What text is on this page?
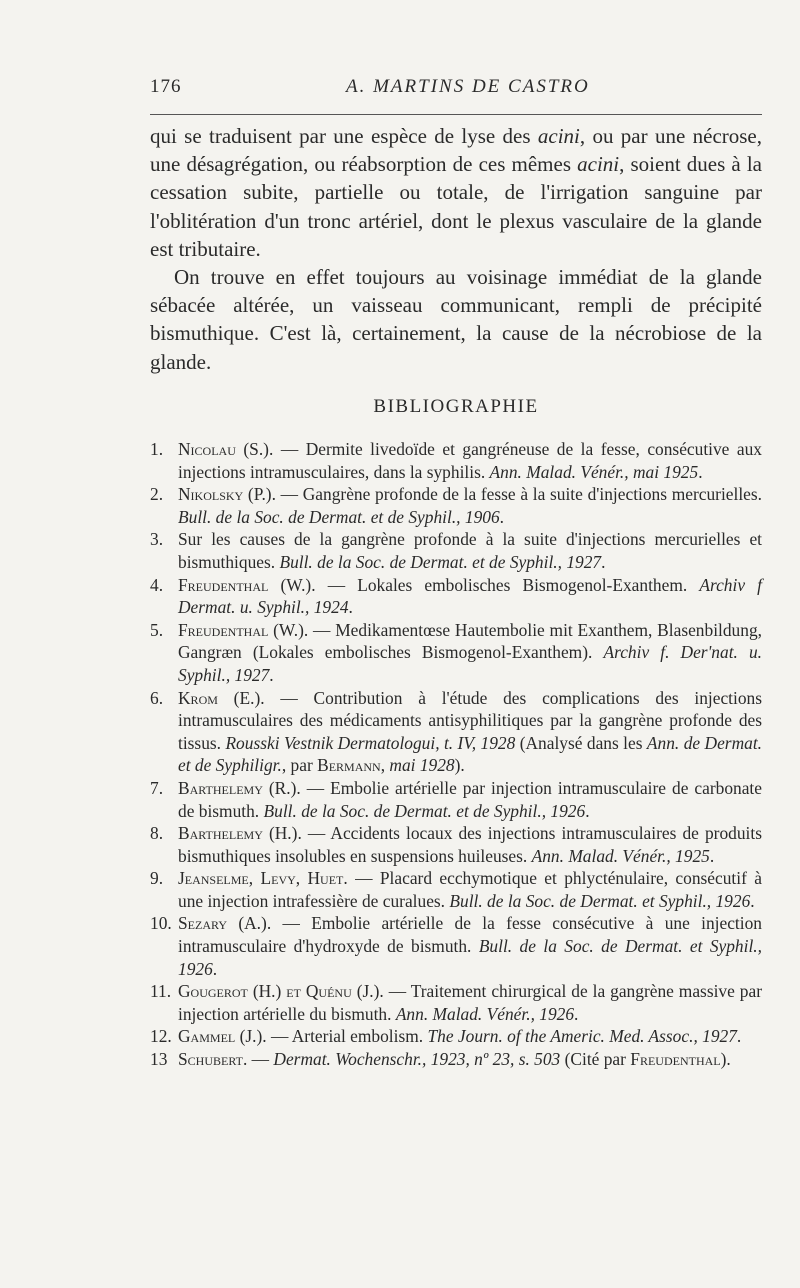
176	A. MARTINS DE CASTRO

qui se traduisent par une espèce de lyse des acini, ou par une nécrose, une désagrégation, ou réabsorption de ces mêmes acini, soient dues à la cessation subite, partielle ou totale, de l'irrigation sanguine par l'oblitération d'un tronc artériel, dont le plexus vasculaire de la glande est tributaire.

On trouve en effet toujours au voisinage immédiat de la glande sébacée altérée, un vaisseau communicant, rempli de précipité bismuthique. C'est là, certainement, la cause de la nécrobiose de la glande.

BIBLIOGRAPHIE
1. Nicolau (S.). — Dermite livedoïde et gangréneuse de la fesse, consécutive aux injections intramusculaires, dans la syphilis. Ann. Malad. Vénér., mai 1925.
2. Nikolsky (P.). — Gangrène profonde de la fesse à la suite d'injections mercurielles. Bull. de la Soc. de Dermat. et de Syphil., 1906.
3. Sur les causes de la gangrène profonde à la suite d'injections mercurielles et bismuthiques. Bull. de la Soc. de Dermat. et de Syphil., 1927.
4. Freudenthal (W.). — Lokales embolisches Bismogenol-Exanthem. Archiv f Dermat. u. Syphil., 1924.
5. Freudenthal (W.). — Medikamentœse Hautembolie mit Exanthem, Blasenbildung, Gangræn (Lokales embolisches Bismogenol-Exanthem). Archiv f. Der'nat. u. Syphil., 1927.
6. Krom (E.). — Contribution à l'étude des complications des injections intramusculaires des médicaments antisyphilitiques par la gangrène profonde des tissus. Rousski Vestnik Dermatologui, t. IV, 1928 (Analysé dans les Ann. de Dermat. et de Syphiligr., par Bermann, mai 1928).
7. Barthelemy (R.). — Embolie artérielle par injection intramusculaire de carbonate de bismuth. Bull. de la Soc. de Dermat. et de Syphil., 1926.
8. Barthelemy (H.). — Accidents locaux des injections intramusculaires de produits bismuthiques insolubles en suspensions huileuses. Ann. Malad. Vénér., 1925.
9. Jeanselme, Levy, Huet. — Placard ecchymotique et phlycténulaire, consécutif à une injection intrafessière de curalues. Bull. de la Soc. de Dermat. et Syphil., 1926.
10. Sezary (A.). — Embolie artérielle de la fesse consécutive à une injection intramusculaire d'hydroxyde de bismuth. Bull. de la Soc. de Dermat. et Syphil., 1926.
11. Gougerot (H.) et Quénu (J.). — Traitement chirurgical de la gangrène massive par injection artérielle du bismuth. Ann. Malad. Vénér., 1926.
12. Gammel (J.). — Arterial embolism. The Journ. of the Americ. Med. Assoc., 1927.
13 Schubert. — Dermat. Wochenschr., 1923, nº 23, s. 503 (Cité par Freudenthal).
